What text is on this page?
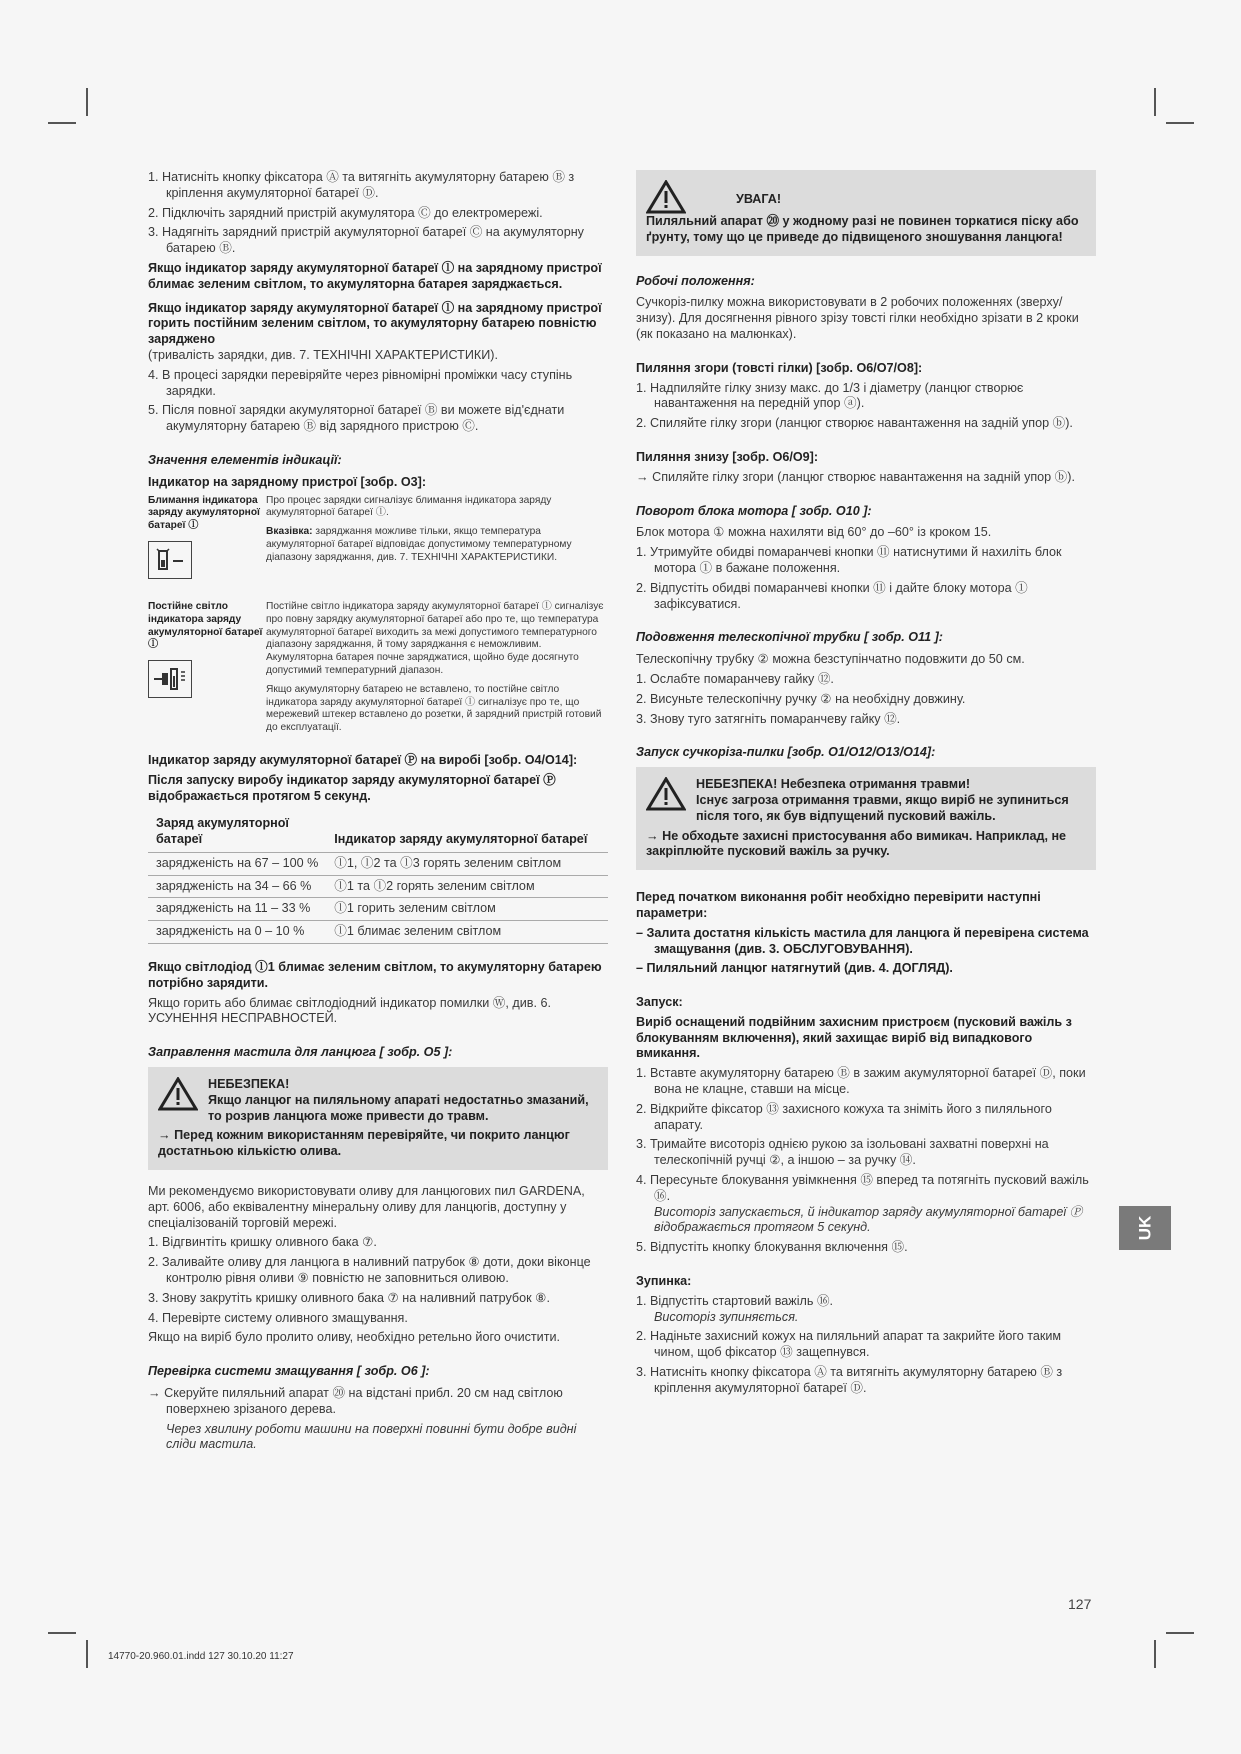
1. Натисніть кнопку фіксатора Ⓐ та витягніть акумуляторну батарею Ⓑ з кріплення акумуляторної батареї Ⓓ.
2. Підключіть зарядний пристрій акумулятора Ⓒ до електромережі.
3. Надягніть зарядний пристрій акумуляторної батареї Ⓒ на акумуляторну батарею Ⓑ.
Якщо індикатор заряду акумуляторної батареї ⓛ на зарядному пристрої блимає зеленим світлом, то акумуляторна батарея заряджається.
Якщо індикатор заряду акумуляторної батареї ⓛ на зарядному пристрої горить постійним зеленим світлом, то акумуляторну батарею повністю заряджено
(тривалість зарядки, див. 7. ТЕХНІЧНІ ХАРАКТЕРИСТИКИ).
4. В процесі зарядки перевіряйте через рівномірні проміжки часу ступінь зарядки.
5. Після повної зарядки акумуляторної батареї Ⓑ ви можете від'єднати акумуляторну батарею Ⓑ від зарядного пристрою Ⓒ.
Значення елементів індикації:
Індикатор на зарядному пристрої [зобр. O3]:
Блимання індикатора заряду акумуляторної батареї ⓛ
Про процес зарядки сигналізує блимання індикатора заряду акумуляторної батареї ⓛ.
Вказівка: заряджання можливе тільки, якщо температура акумуляторної батареї відповідає допустимому температурному діапазону заряджання, див. 7. ТЕХНІЧНІ ХАРАКТЕРИСТИКИ.
Постійне світло індикатора заряду акумуляторної батареї ⓛ
Постійне світло індикатора заряду акумуляторної батареї ⓛ сигналізує про повну зарядку акумуляторної батареї або про те, що температура акумуляторної батареї виходить за межі допустимого температурного діапазону заряджання, й тому заряджання є неможливим. Акумуляторна батарея почне заряджатися, щойно буде досягнуто допустимий температурний діапазон.
Якщо акумуляторну батарею не вставлено, то постійне світло індикатора заряду акумуляторної батареї ⓛ сигналізує про те, що мережевий штекер вставлено до розетки, й зарядний пристрій готовий до експлуатації.
Індикатор заряду акумуляторної батареї Ⓟ на виробі [зобр. O4/O14]:
Після запуску виробу індикатор заряду акумуляторної батареї Ⓟ відображається протягом 5 секунд.
Заряд акумуляторної батареї	Індикатор заряду акумуляторної батареї
заряджeність на 67 – 100 %	ⓛ1, ⓛ2 та ⓛ3 горять зеленим світлом
заряджeність на 34 – 66 %	ⓛ1 та ⓛ2 горять зеленим світлом
заряджeність на 11 – 33 %	ⓛ1 горить зеленим світлом
заряджeність на 0 – 10 %	ⓛ1 блимає зеленим світлом
Якщо світлодіод ⓛ1 блимає зеленим світлом, то акумуляторну батарею потрібно зарядити.
Якщо горить або блимає світлодіодний індикатор помилки Ⓦ, див. 6. УСУНЕННЯ НЕСПРАВНОСТЕЙ.
Заправлення мастила для ланцюга [ зобр. O5 ]:
НЕБЕЗПЕКА!
Якщо ланцюг на пиляльному апараті недостатньо змазаний, то розрив ланцюга може привести до травм.
→ Перед кожним використанням перевіряйте, чи покрито ланцюг достатньою кількістю олива.
Ми рекомендуємо використовувати оливу для ланцюгових пил GARDENA, арт. 6006, або еквівалентну мінеральну оливу для ланцюгів, доступну у спеціалізованій торговій мережі.
1. Відгвинтіть кришку оливного бака ⑦.
2. Заливайте оливу для ланцюга в наливний патрубок ⑧ доти, доки віконце контролю рівня оливи ⑨ повністю не заповниться оливою.
3. Знову закрутіть кришку оливного бака ⑦ на наливний патрубок ⑧.
4. Перевірте систему оливного змащування.
Якщо на виріб було пролито оливу, необхідно ретельно його очистити.
Перевірка системи змащування [ зобр. O6 ]:
→ Скеруйте пиляльний апарат ⑳ на відстані прибл. 20 см над світлою поверхнею зрізаного дерева.
Через хвилину роботи машини на поверхні повинні бути добре видні сліди мастила.
УВАГА!
Пиляльний апарат ⑳ у жодному разі не повинен торкатися піску або ґрунту, тому що це приведе до підвищеного зношування ланцюга!
Робочі положення:
Сучкоріз-пилку можна використовувати в 2 робочих положеннях (зверху/знизу). Для досягнення рівного зрізу товсті гілки необхідно зрізати в 2 кроки (як показано на малюнках).
Пиляння згори (товсті гілки) [зобр. O6/O7/O8]:
1. Надпиляйте гілку знизу макс. до 1/3 і діаметру (ланцюг створює навантаження на передній упор ⓐ).
2. Спиляйте гілку згори (ланцюг створює навантаження на задній упор ⓑ).
Пиляння знизу [зобр. O6/O9]:
→ Спиляйте гілку згори (ланцюг створює навантаження на задній упор ⓑ).
Поворот блока мотора [ зобр. O10 ]:
Блок мотора ① можна нахиляти від 60° до –60° із кроком 15.
1. Утримуйте обидві помаранчеві кнопки ⑪ натиснутими й нахиліть блок мотора ① в бажане положення.
2. Відпустіть обидві помаранчеві кнопки ⑪ і дайте блоку мотора ① зафіксуватися.
Подовження телескопічної трубки [ зобр. O11 ]:
Телескопічну трубку ② можна безступінчатно подовжити до 50 см.
1. Ослабте помаранчеву гайку ⑫.
2. Висуньте телескопічну ручку ② на необхідну довжину.
3. Знову туго затягніть помаранчеву гайку ⑫.
Запуск сучкоріза-пилки [зобр. O1/O12/O13/O14]:
НЕБЕЗПЕКА! Небезпека отримання травми!
Існує загроза отримання травми, якщо виріб не зупиниться після того, як був відпущений пусковий важіль.
→ Не обходьте захисні пристосування або вимикач. Наприклад, не закріплюйте пусковий важіль за ручку.
Перед початком виконання робіт необхідно перевірити наступні параметри:
– Залита достатня кількість мастила для ланцюга й перевірена система змащування (див. 3. ОБСЛУГОВУВАННЯ).
– Пиляльний ланцюг натягнутий (див. 4. ДОГЛЯД).
Запуск:
Виріб оснащений подвійним захисним пристроєм (пусковий важіль з блокуванням включення), який захищає виріб від випадкового вмикання.
1. Вставте акумуляторну батарею Ⓑ в зажим акумуляторної батареї Ⓓ, поки вона не клацне, ставши на місце.
2. Відкрийте фіксатор ⑬ захисного кожуха та зніміть його з пиляльного апарату.
3. Тримайте висоторіз однією рукою за ізольовані захватні поверхні на телескопічній ручці ②, а іншою – за ручку ⑭.
4. Пересуньте блокування увімкнення ⑮ вперед та потягніть пусковий важіль ⑯.
Висоторіз запускається, й індикатор заряду акумуляторної батареї Ⓟ відображається протягом 5 секунд.
5. Відпустіть кнопку блокування включення ⑮.
Зупинка:
1. Відпустіть стартовий важіль ⑯.
Висоторіз зупиняється.
2. Надіньте захисний кожух на пиляльний апарат та закрийте його таким чином, щоб фіксатор ⑬ защепнувся.
3. Натисніть кнопку фіксатора Ⓐ та витягніть акумуляторну батарею Ⓑ з кріплення акумуляторної батареї Ⓓ.
UK
127
14770-20.960.01.indd 127 30.10.20 11:27
